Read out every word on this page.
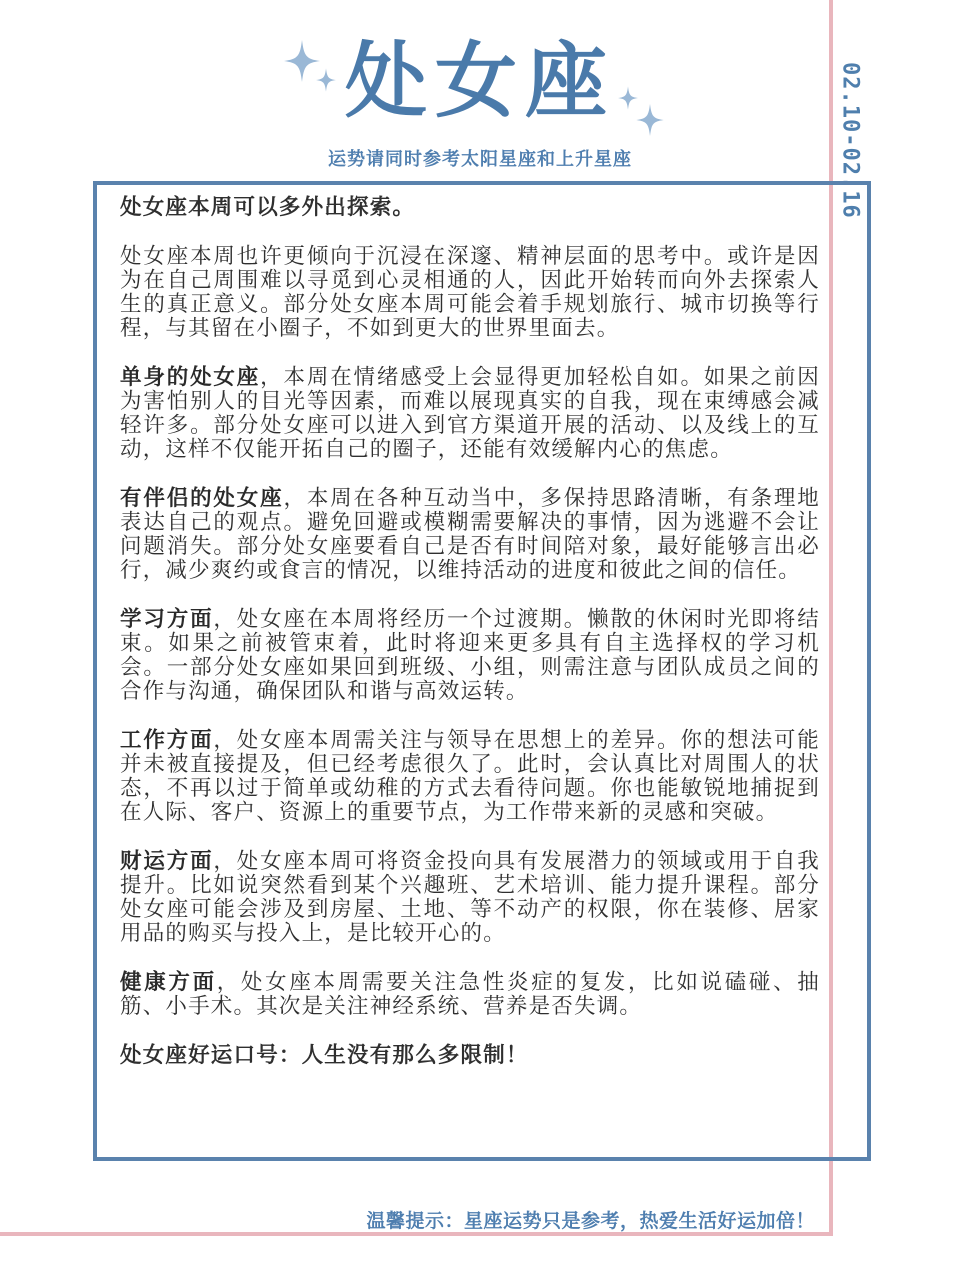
02.10-02.16
处女座
运势请同时参考太阳星座和上升星座

处女座本周可以多外出探索。

处女座本周也许更倾向于沉浸在深邃、精神层面的思考中。或许是因为在自己周围难以寻觅到心灵相通的人，因此开始转而向外去探索人生的真正意义。部分处女座本周可能会着手规划旅行、城市切换等行程，与其留在小圈子，不如到更大的世界里面去。

单身的处女座，本周在情绪感受上会显得更加轻松自如。如果之前因为害怕别人的目光等因素，而难以展现真实的自我，现在束缚感会减轻许多。部分处女座可以进入到官方渠道开展的活动、以及线上的互动，这样不仅能开拓自己的圈子，还能有效缓解内心的焦虑。

有伴侣的处女座，本周在各种互动当中，多保持思路清晰，有条理地表达自己的观点。避免回避或模糊需要解决的事情，因为逃避不会让问题消失。部分处女座要看自己是否有时间陪对象，最好能够言出必行，减少爽约或食言的情况，以维持活动的进度和彼此之间的信任。

学习方面，处女座在本周将经历一个过渡期。懒散的休闲时光即将结束。如果之前被管束着，此时将迎来更多具有自主选择权的学习机会。一部分处女座如果回到班级、小组，则需注意与团队成员之间的合作与沟通，确保团队和谐与高效运转。

工作方面，处女座本周需关注与领导在思想上的差异。你的想法可能并未被直接提及，但已经考虑很久了。此时，会认真比对周围人的状态，不再以过于简单或幼稚的方式去看待问题。你也能敏锐地捕捉到在人际、客户、资源上的重要节点，为工作带来新的灵感和突破。

财运方面，处女座本周可将资金投向具有发展潜力的领域或用于自我提升。比如说突然看到某个兴趣班、艺术培训、能力提升课程。部分处女座可能会涉及到房屋、土地、等不动产的权限，你在装修、居家用品的购买与投入上，是比较开心的。

健康方面，处女座本周需要关注急性炎症的复发，比如说磕碰、抽筋、小手术。其次是关注神经系统、营养是否失调。

处女座好运口号：人生没有那么多限制！

温馨提示：星座运势只是参考，热爱生活好运加倍！
